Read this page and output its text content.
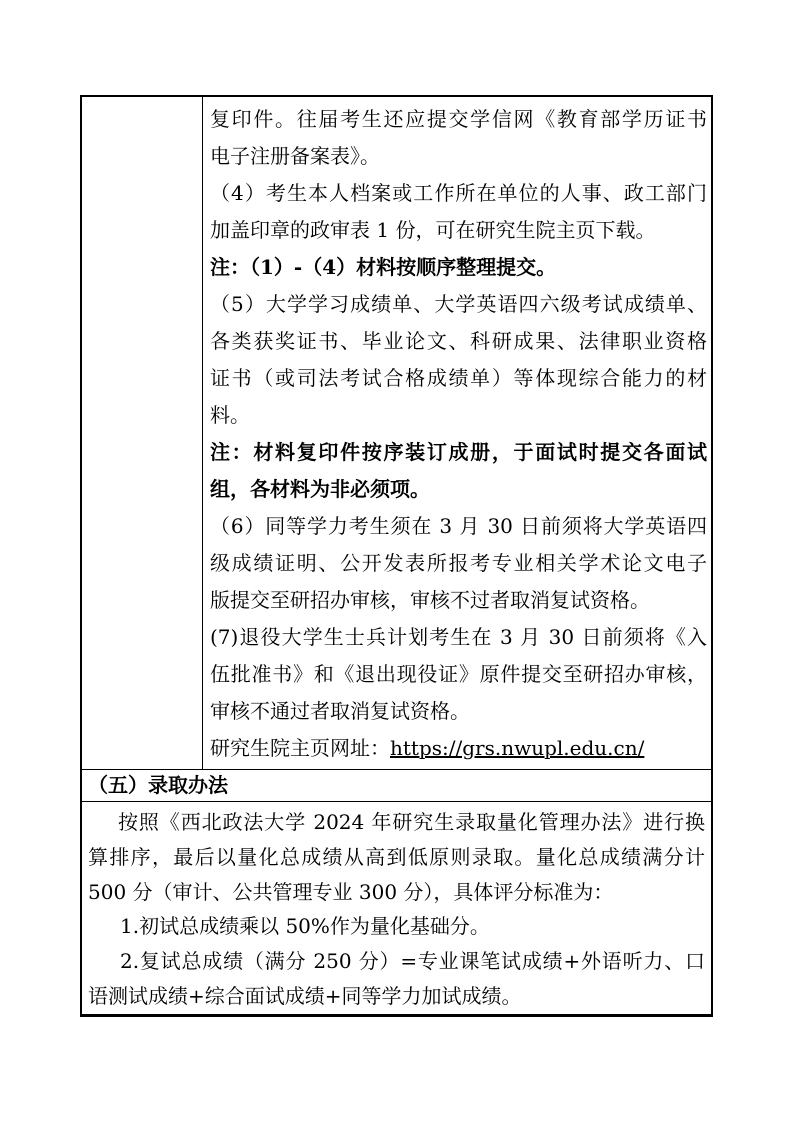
复印件。往届考生还应提交学信网《教育部学历证书
电子注册备案表》。
（4）考生本人档案或工作所在单位的人事、政工部门
加盖印章的政审表 1 份，可在研究生院主页下载。
注：（1）-（4）材料按顺序整理提交。
（5）大学学习成绩单、大学英语四六级考试成绩单、
各类获奖证书、毕业论文、科研成果、法律职业资格
证书（或司法考试合格成绩单）等体现综合能力的材
料。
注：材料复印件按序装订成册，于面试时提交各面试
组，各材料为非必须项。
（6）同等学力考生须在 3 月 30 日前须将大学英语四
级成绩证明、公开发表所报考专业相关学术论文电子
版提交至研招办审核，审核不过者取消复试资格。
(7)退役大学生士兵计划考生在 3 月 30 日前须将《入
伍批准书》和《退出现役证》原件提交至研招办审核，
审核不通过者取消复试资格。
研究生院主页网址：https://grs.nwupl.edu.cn/
（五）录取办法
按照《西北政法大学 2024 年研究生录取量化管理办法》进行换
算排序，最后以量化总成绩从高到低原则录取。量化总成绩满分计
500 分（审计、公共管理专业 300 分），具体评分标准为：
1.初试总成绩乘以 50%作为量化基础分。
2.复试总成绩（满分 250 分）=专业课笔试成绩+外语听力、口
语测试成绩+综合面试成绩+同等学力加试成绩。
